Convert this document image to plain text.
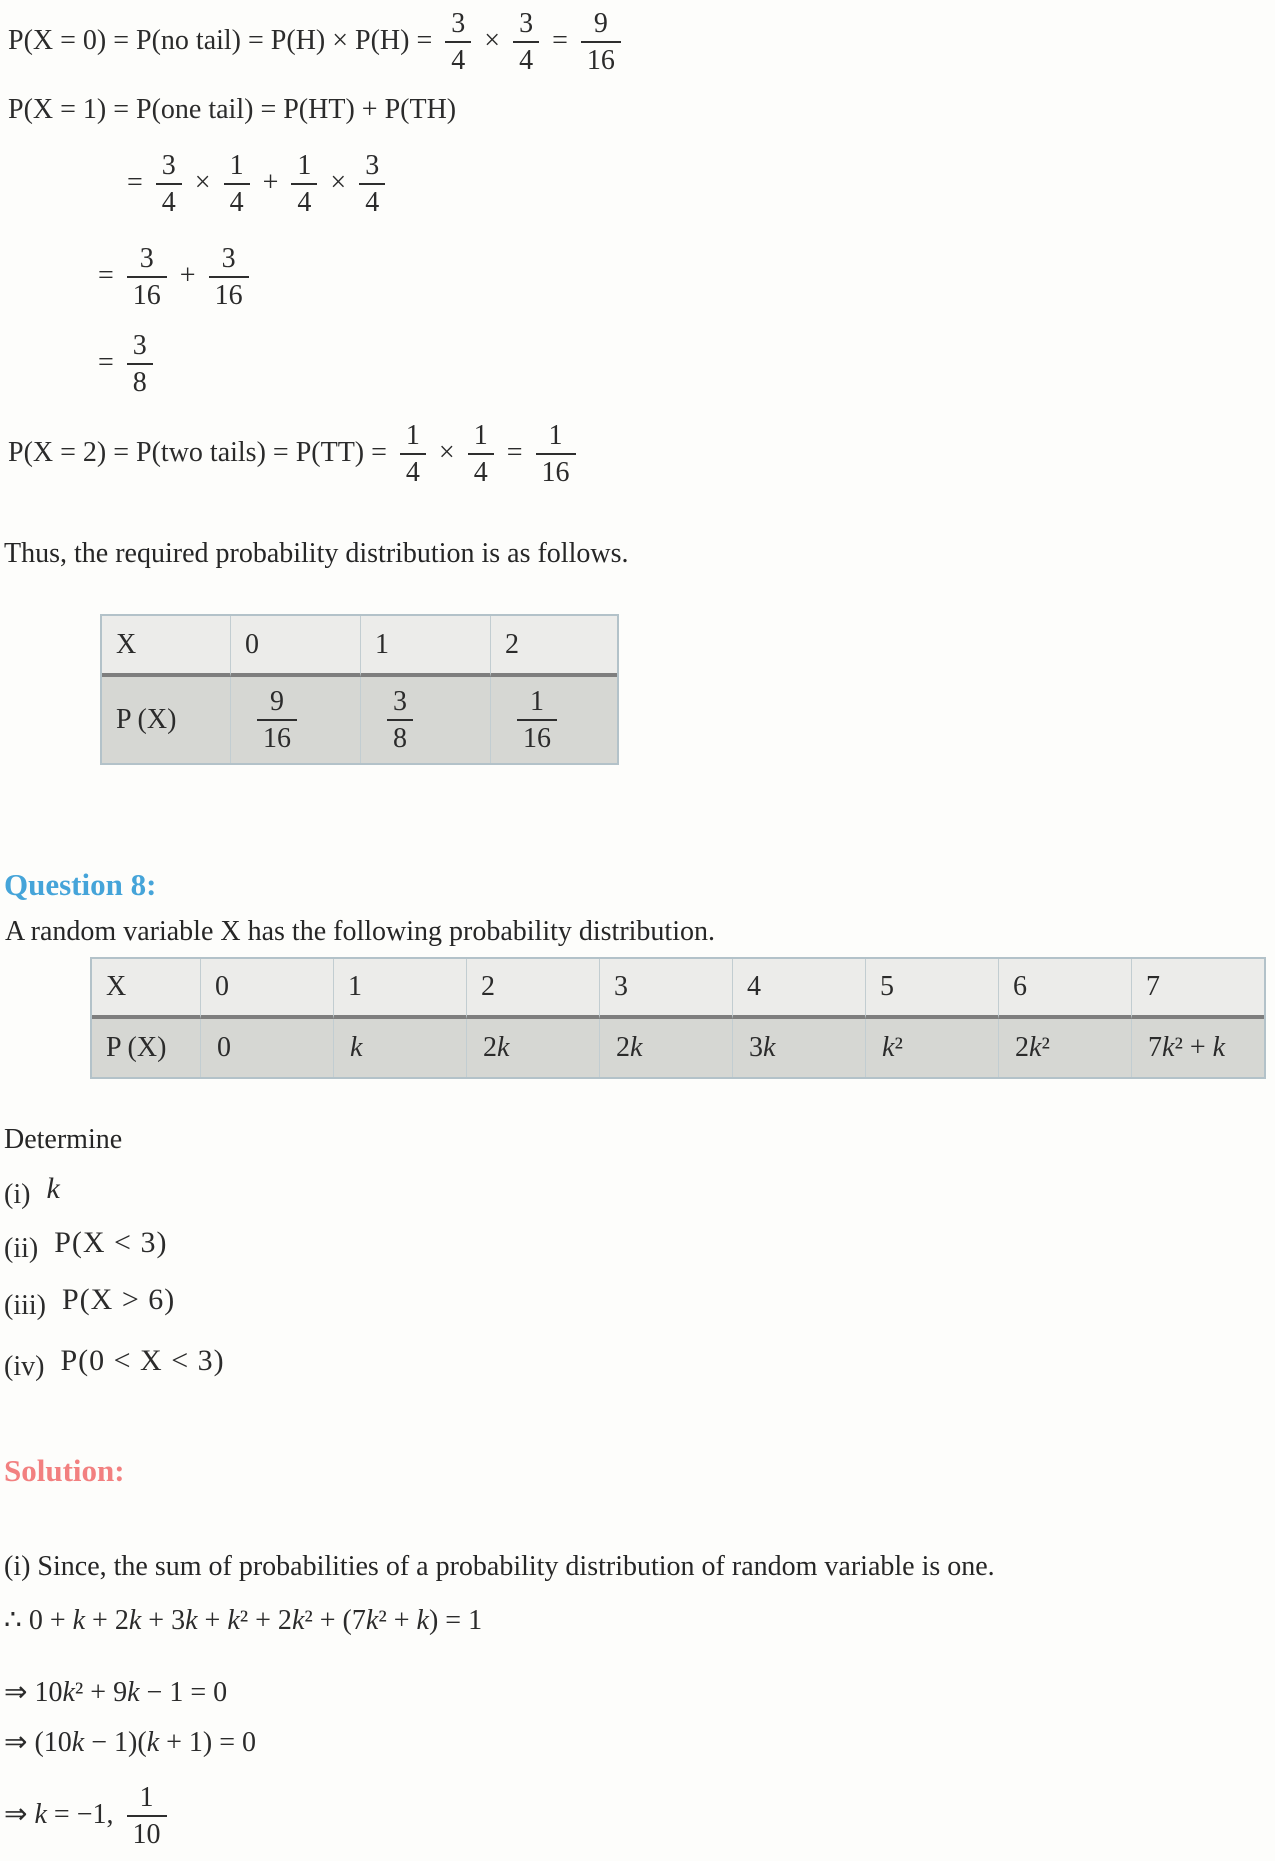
P(X = 0) = P(no tail) = $P(H) \times P(H) = \frac{3}{4} \times \frac{3}{4} = \frac{9}{16}$
P(X = 1) = P(one tail) = P(HT) + P(TH)
= $\frac{3}{4} \times \frac{1}{4} + \frac{1}{4} \times \frac{3}{4}$
= $\frac{3}{16} + \frac{3}{16}$
= $\frac{3}{8}$
P(X = 2) = P(two tails) = $P(TT) = \frac{1}{4} \times \frac{1}{4} = \frac{1}{16}$
Thus, the required probability distribution is as follows.
X	0	1	2
P (X)	$\frac{9}{16}$	$\frac{3}{8}$	$\frac{1}{16}$
Question 8:
A random variable X has the following probability distribution.
X	0	1	2	3	4	5	6	7
P (X)	0	k	2k	2k	3k	k²	2k²	7k² + k
Determine
(i) k
(ii) P(X < 3)
(iii) P(X > 6)
(iv) P(0 < X < 3)
Solution:
(i) Since, the sum of probabilities of a probability distribution of random variable is one.
∴ 0 + k + 2k + 3k + k² + 2k² + (7k² + k) = 1
⇒ 10k² + 9k − 1 = 0
⇒ (10k − 1)(k + 1) = 0
⇒ k = −1, $\frac{1}{10}$
